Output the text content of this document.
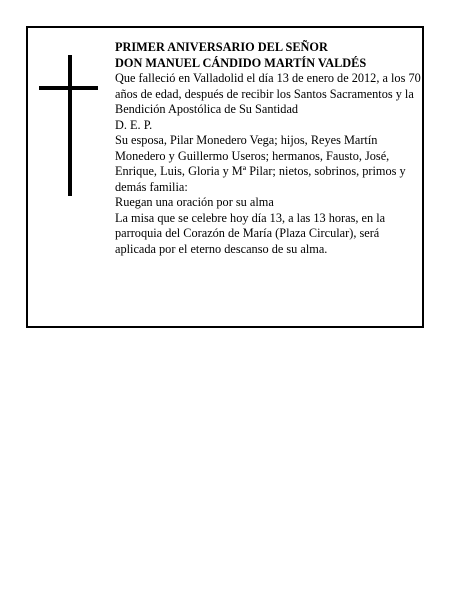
PRIMER ANIVERSARIO DEL SEÑOR

DON MANUEL CÁNDIDO MARTÍN VALDÉS

Que falleció en Valladolid el día 13 de enero de 2012, a los 70 años de edad, después de recibir los Santos Sacramentos y la Bendición Apostólica de Su Santidad

D. E. P.

Su esposa, Pilar Monedero Vega; hijos, Reyes Martín Monedero y Guillermo Useros; hermanos, Fausto, José, Enrique, Luis, Gloria y Mª Pilar; nietos, sobrinos, primos y demás familia:

Ruegan una oración por su alma

La misa que se celebre hoy día 13, a las 13 horas, en la parroquia del Corazón de María (Plaza Circular), será aplicada por el eterno descanso de su alma.
